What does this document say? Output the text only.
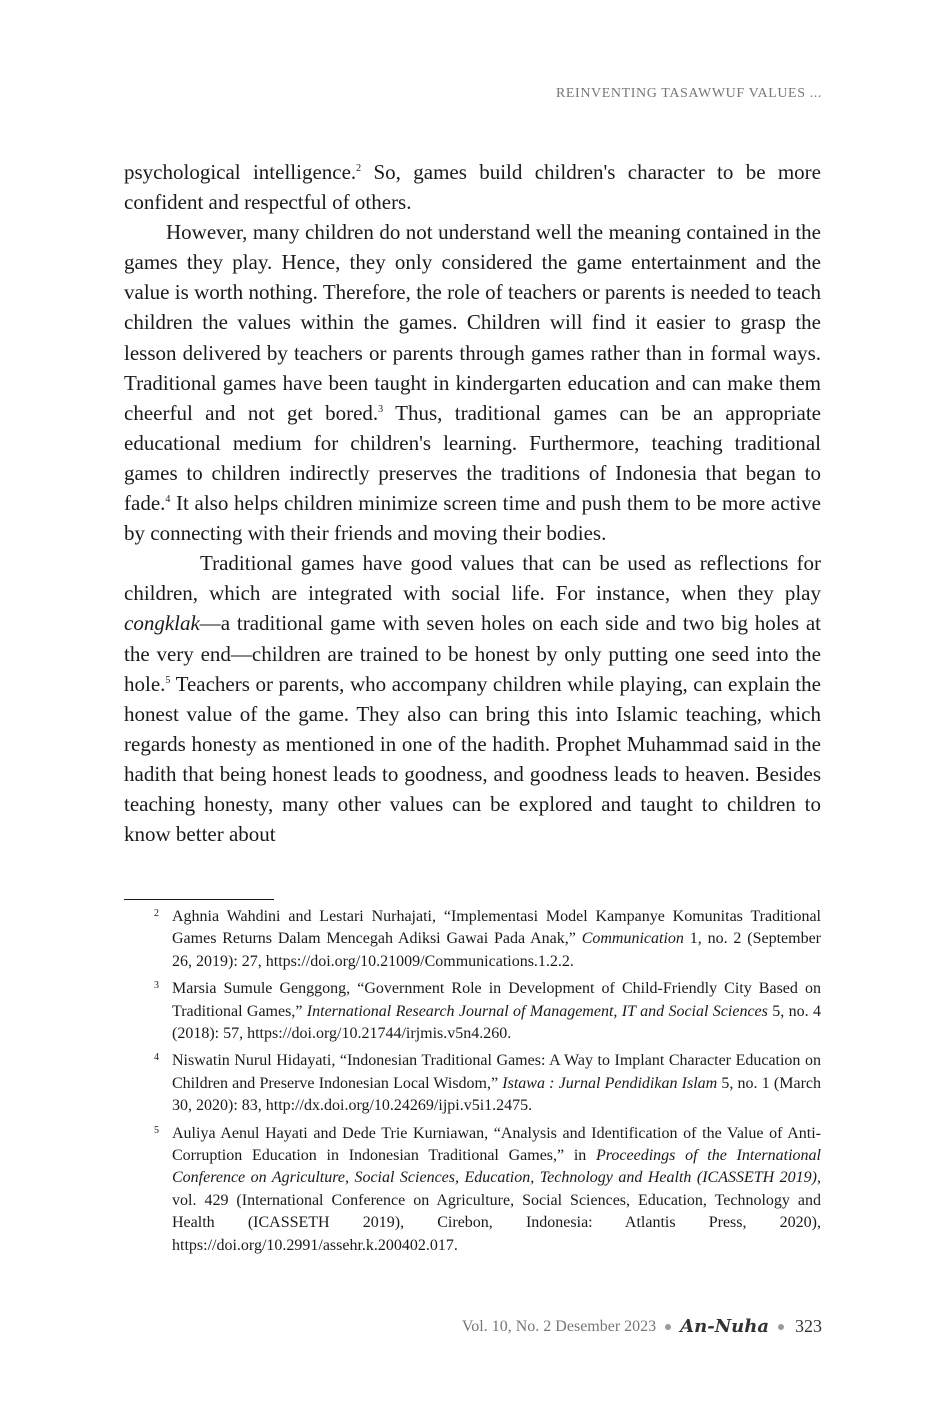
REINVENTING TASAWWUF VALUES ...

psychological intelligence.$^2$ So, games build children's character to be more confident and respectful of others.

However, many children do not understand well the meaning contained in the games they play. Hence, they only considered the game entertainment and the value is worth nothing. Therefore, the role of teachers or parents is needed to teach children the values within the games. Children will find it easier to grasp the lesson delivered by teachers or parents through games rather than in formal ways. Traditional games have been taught in kindergarten education and can make them cheerful and not get bored.$^3$ Thus, traditional games can be an appropriate educational medium for children's learning. Furthermore, teaching traditional games to children indirectly preserves the traditions of Indonesia that began to fade.$^4$ It also helps children minimize screen time and push them to be more active by connecting with their friends and moving their bodies.

Traditional games have good values that can be used as reflections for children, which are integrated with social life. For instance, when they play congklak—a traditional game with seven holes on each side and two big holes at the very end—children are trained to be honest by only putting one seed into the hole.$^5$ Teachers or parents, who accompany children while playing, can explain the honest value of the game. They also can bring this into Islamic teaching, which regards honesty as mentioned in one of the hadith. Prophet Muhammad said in the hadith that being honest leads to goodness, and goodness leads to heaven. Besides teaching honesty, many other values can be explored and taught to children to know better about

2 Aghnia Wahdini and Lestari Nurhajati, “Implementasi Model Kampanye Komunitas Traditional Games Returns Dalam Mencegah Adiksi Gawai Pada Anak,” Communication 1, no. 2 (September 26, 2019): 27, https://doi.org/10.21009/Communications.1.2.2.
3 Marsia Sumule Genggong, “Government Role in Development of Child-Friendly City Based on Traditional Games,” International Research Journal of Management, IT and Social Sciences 5, no. 4 (2018): 57, https://doi.org/10.21744/irjmis.v5n4.260.
4 Niswatin Nurul Hidayati, “Indonesian Traditional Games: A Way to Implant Character Education on Children and Preserve Indonesian Local Wisdom,” Istawa : Jurnal Pendidikan Islam 5, no. 1 (March 30, 2020): 83, http://dx.doi.org/10.24269/ijpi.v5i1.2475.
5 Auliya Aenul Hayati and Dede Trie Kurniawan, “Analysis and Identification of the Value of Anti-Corruption Education in Indonesian Traditional Games,” in Proceedings of the International Conference on Agriculture, Social Sciences, Education, Technology and Health (ICASSETH 2019), vol. 429 (International Conference on Agriculture, Social Sciences, Education, Technology and Health (ICASSETH 2019), Cirebon, Indonesia: Atlantis Press, 2020), https://doi.org/10.2991/assehr.k.200402.017.
Vol. 10, No. 2 Desember 2023 An-Nuha 323
